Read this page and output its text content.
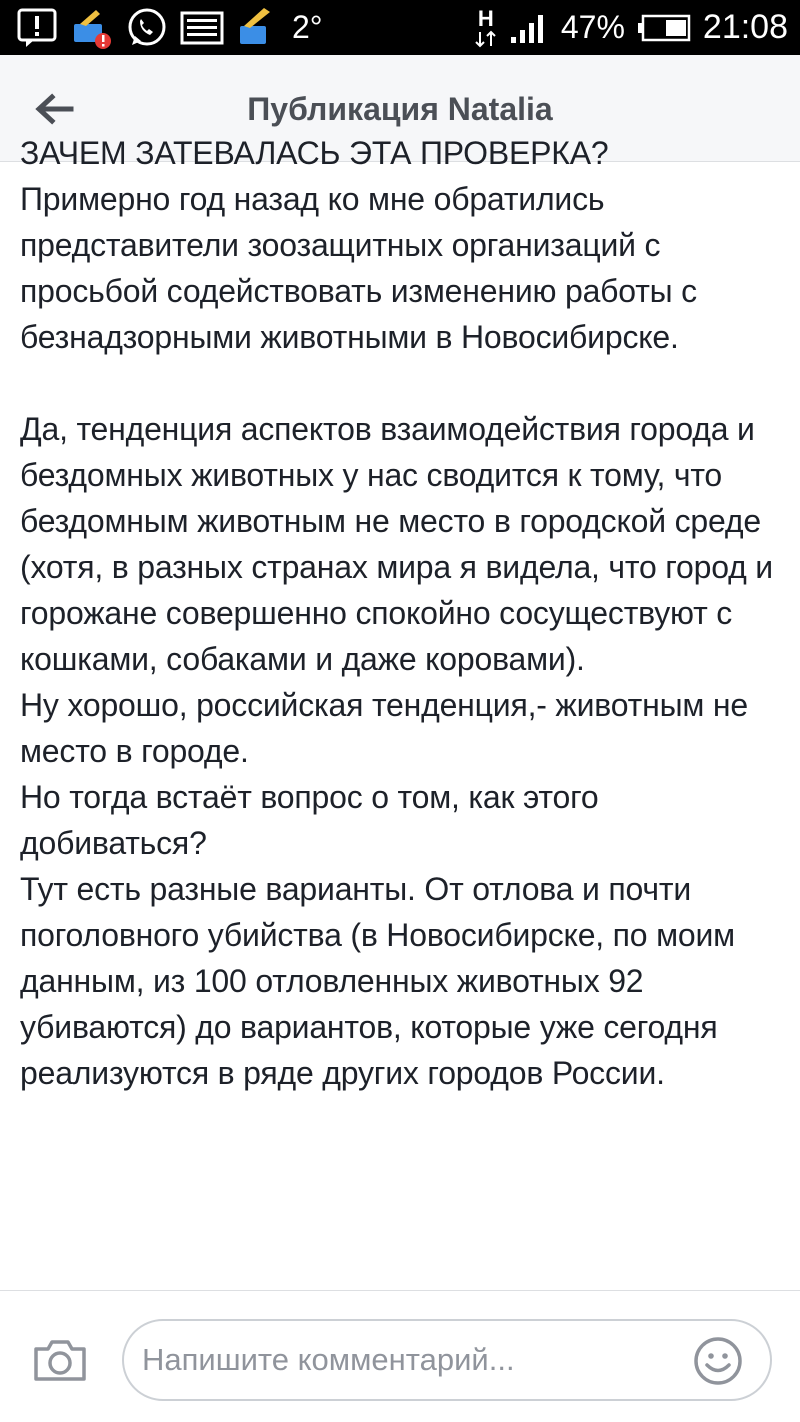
2°	H 47% 21:08
Публикация Natalia

ЗАЧЕМ ЗАТЕВАЛАСЬ ЭТА ПРОВЕРКА?

Примерно год назад ко мне обратились представители зоозащитных организаций с просьбой содействовать изменению работы с безнадзорными животными в Новосибирске.

Да, тенденция аспектов взаимодействия города и бездомных животных у нас сводится к тому, что бездомным животным не место в городской среде (хотя, в разных странах мира я видела, что город и горожане совершенно спокойно сосуществуют с кошками, собаками и даже коровами).

Ну хорошо, российская тенденция,- животным не место в городе.

Но тогда встаёт вопрос о том, как этого добиваться?

Тут есть разные варианты. От отлова и почти поголовного убийства (в Новосибирске, по моим данным, из 100 отловленных животных 92 убиваются) до вариантов, которые уже сегодня реализуются в ряде других городов России.

Напишите комментарий...
